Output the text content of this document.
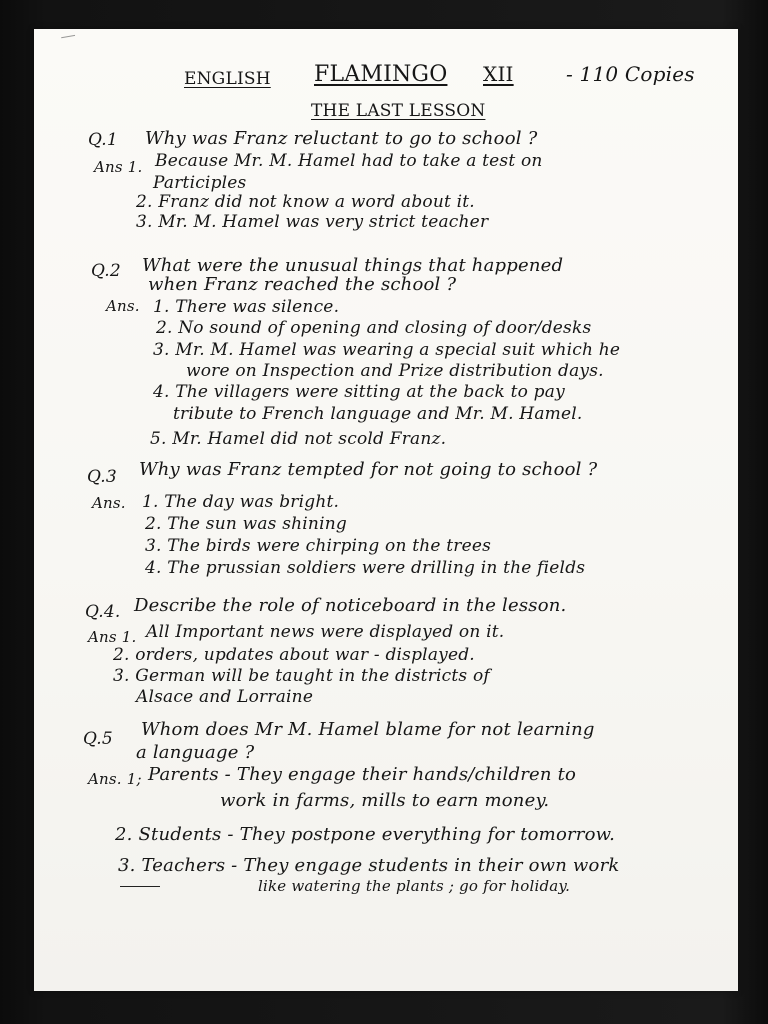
ENGLISH FLAMINGO XII	- 110 Copies
THE LAST LESSON
Q.1 Why was Franz reluctant to go to school ?
Ans 1. Because Mr. M. Hamel had to take a test on
Participles
2. Franz did not know a word about it.
3. Mr. M. Hamel was very strict teacher
Q.2 What were the unusual things that happened
when Franz reached the school ?
Ans. 1. There was silence.
2. No sound of opening and closing of door/desks
3. Mr. M. Hamel was wearing a special suit which he
wore on Inspection and Prize distribution days.
4. The villagers were sitting at the back to pay
tribute to French language and Mr. M. Hamel.
5. Mr. Hamel did not scold Franz.
Q.3 Why was Franz tempted for not going to school ?
Ans. 1. The day was bright.
2. The sun was shining
3. The birds were chirping on the trees
4. The prussian soldiers were drilling in the fields
Q.4. Describe the role of noticeboard in the lesson.
Ans 1. All Important news were displayed on it.
2. orders, updates about war - displayed.
3. German will be taught in the districts of
Alsace and Lorraine
Q.5 Whom does Mr M. Hamel blame for not learning
a language ?
Ans. 1; Parents - They engage their hands/children to
work in farms, mills to earn money.
2. Students - They postpone everything for tomorrow.
3. Teachers - They engage students in their own work
like watering the plants ; go for holiday.
